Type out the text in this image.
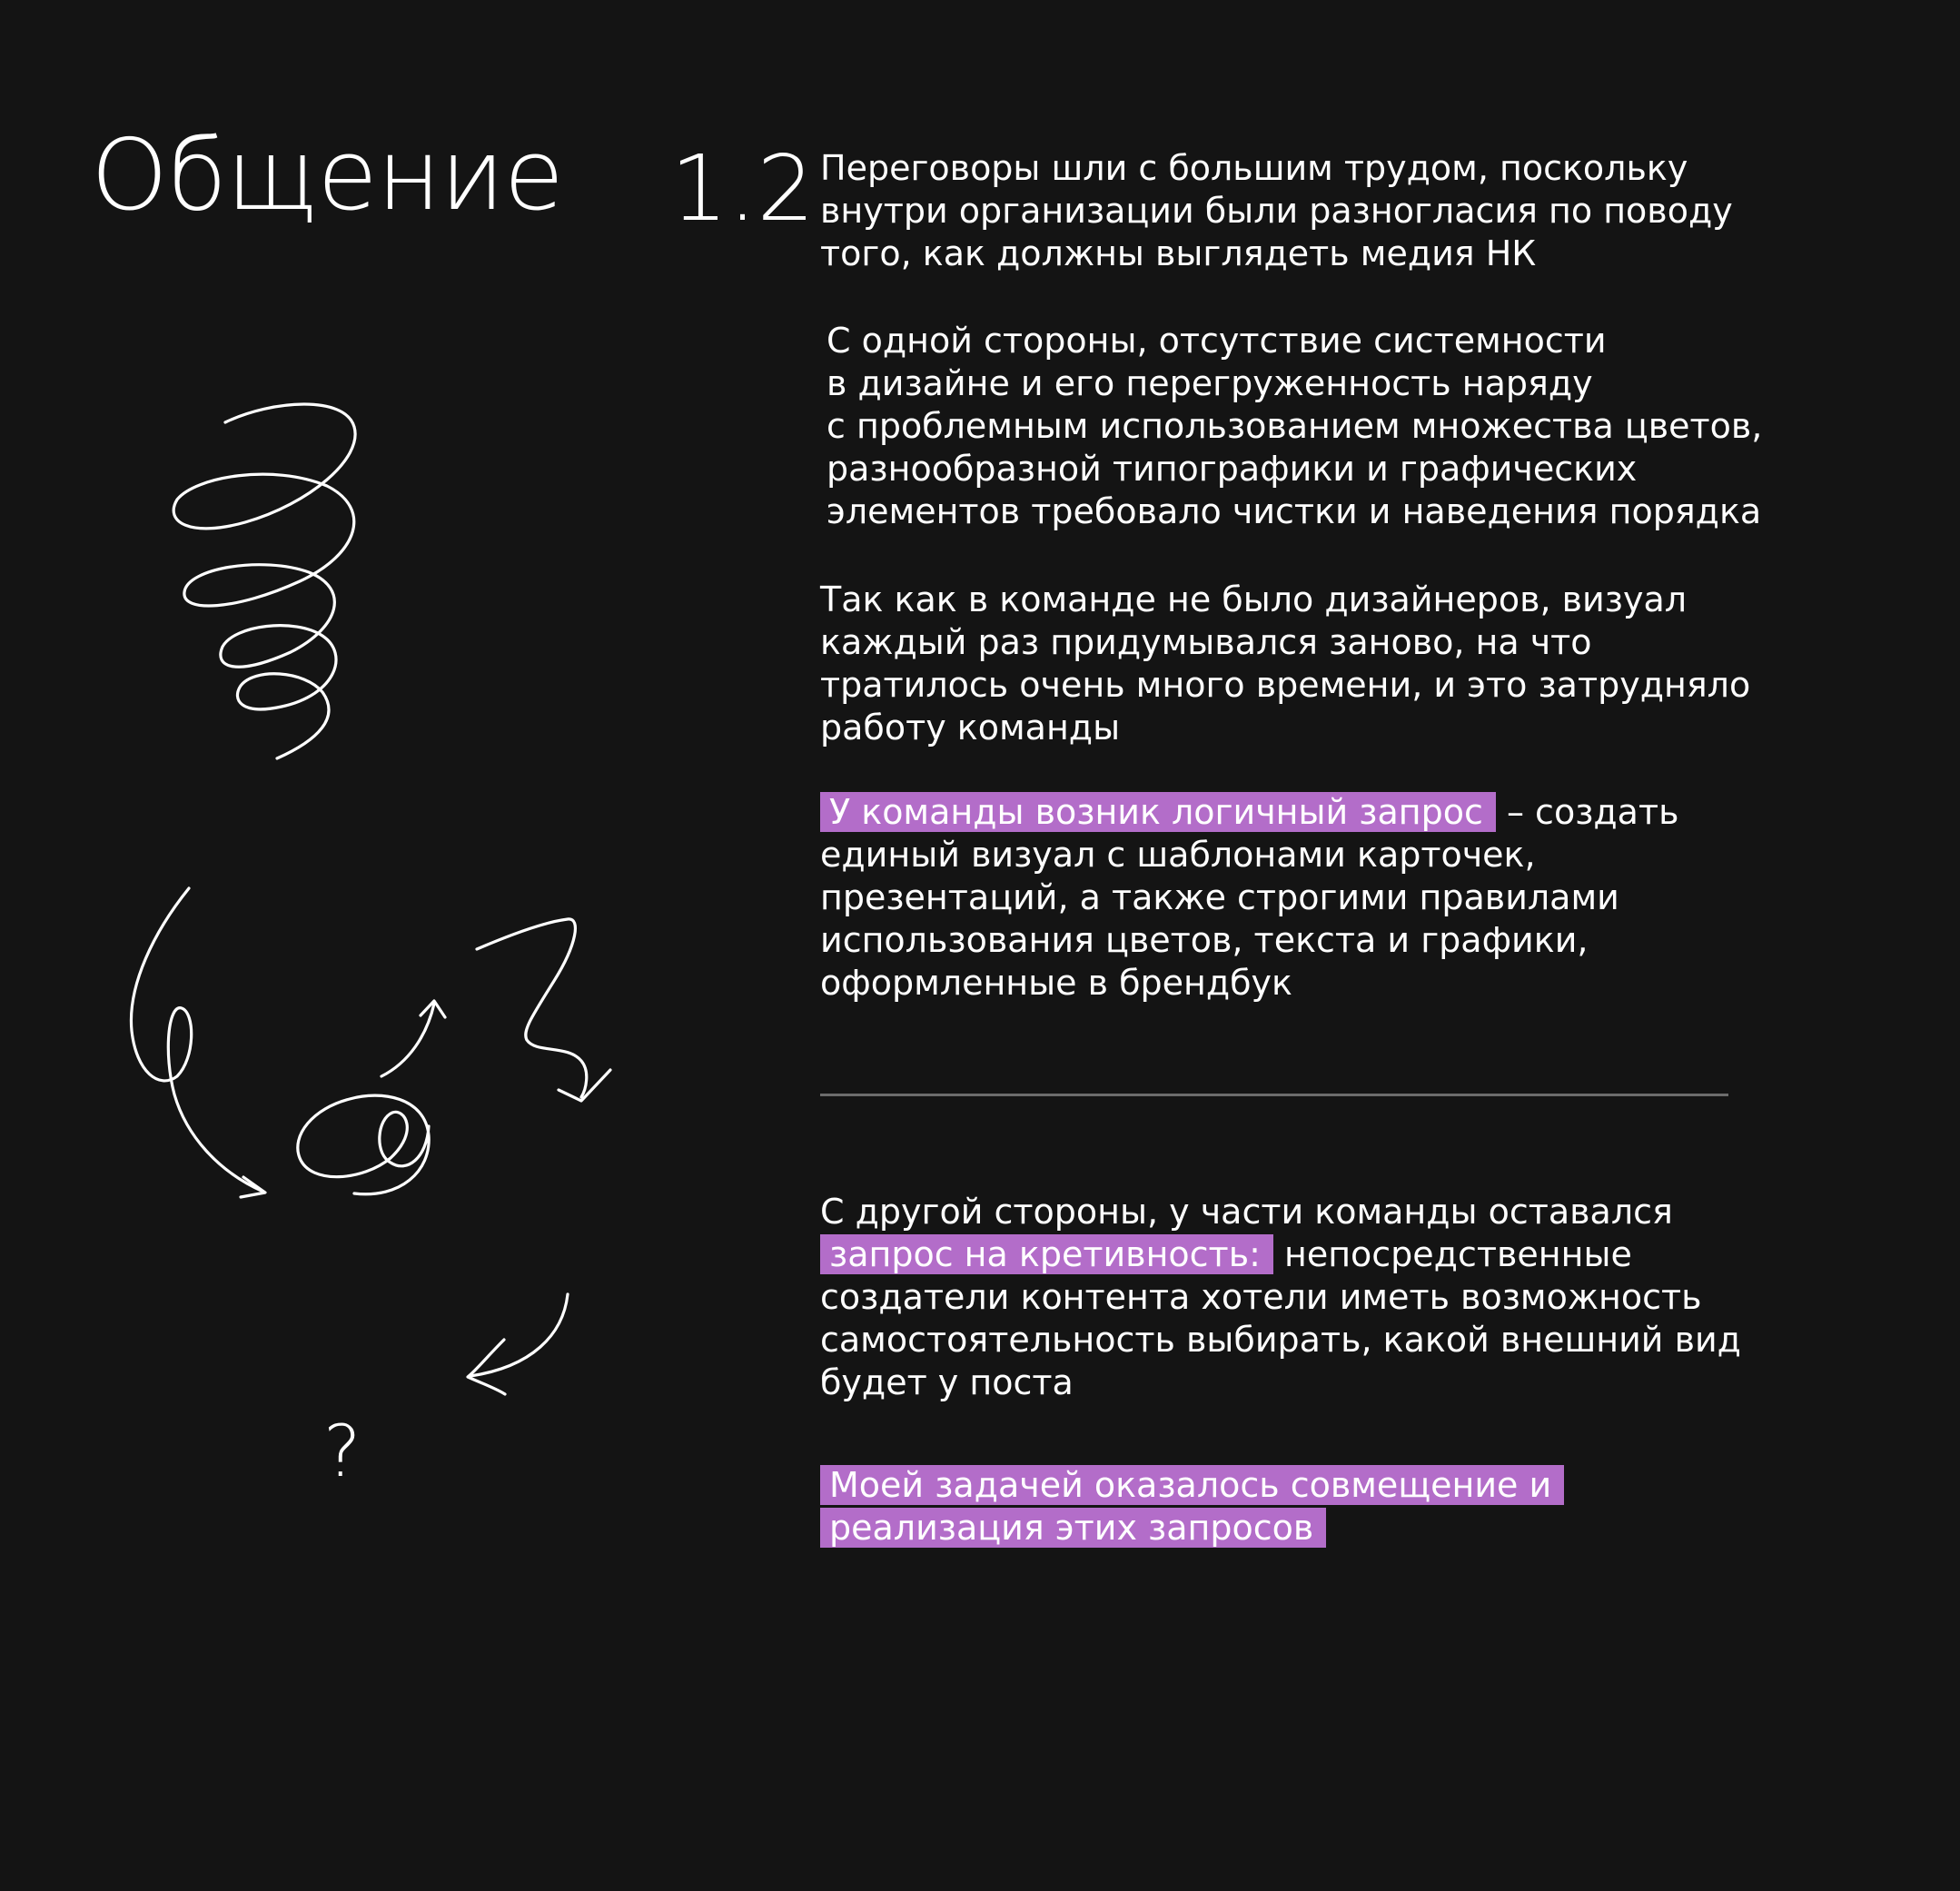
Общение 1.2 Переговоры шли с большим трудом, поскольку
внутри организации были разногласия по поводу
того, как должны выглядеть медия НК
С одной стороны, отсутствие системности
в дизайне и его перегруженность наряду
с проблемным использованием множества цветов,
разнообразной типографики и графических
элементов требовало чистки и наведения порядка
Так как в команде не было дизайнеров, визуал
каждый раз придумывался заново, на что
тратилось очень много времени, и это затрудняло
работу команды
У команды возник логичный запрос – создать
единый визуал с шаблонами карточек,
презентаций, а также строгими правилами
использования цветов, текста и графики,
оформленные в брендбук
С другой стороны, у части команды оставался
запрос на кретивность: непосредственные
создатели контента хотели иметь возможность
самостоятельность выбирать, какой внешний вид
будет у поста
Моей задачей оказалось совмещение и
реализация этих запросов
?
